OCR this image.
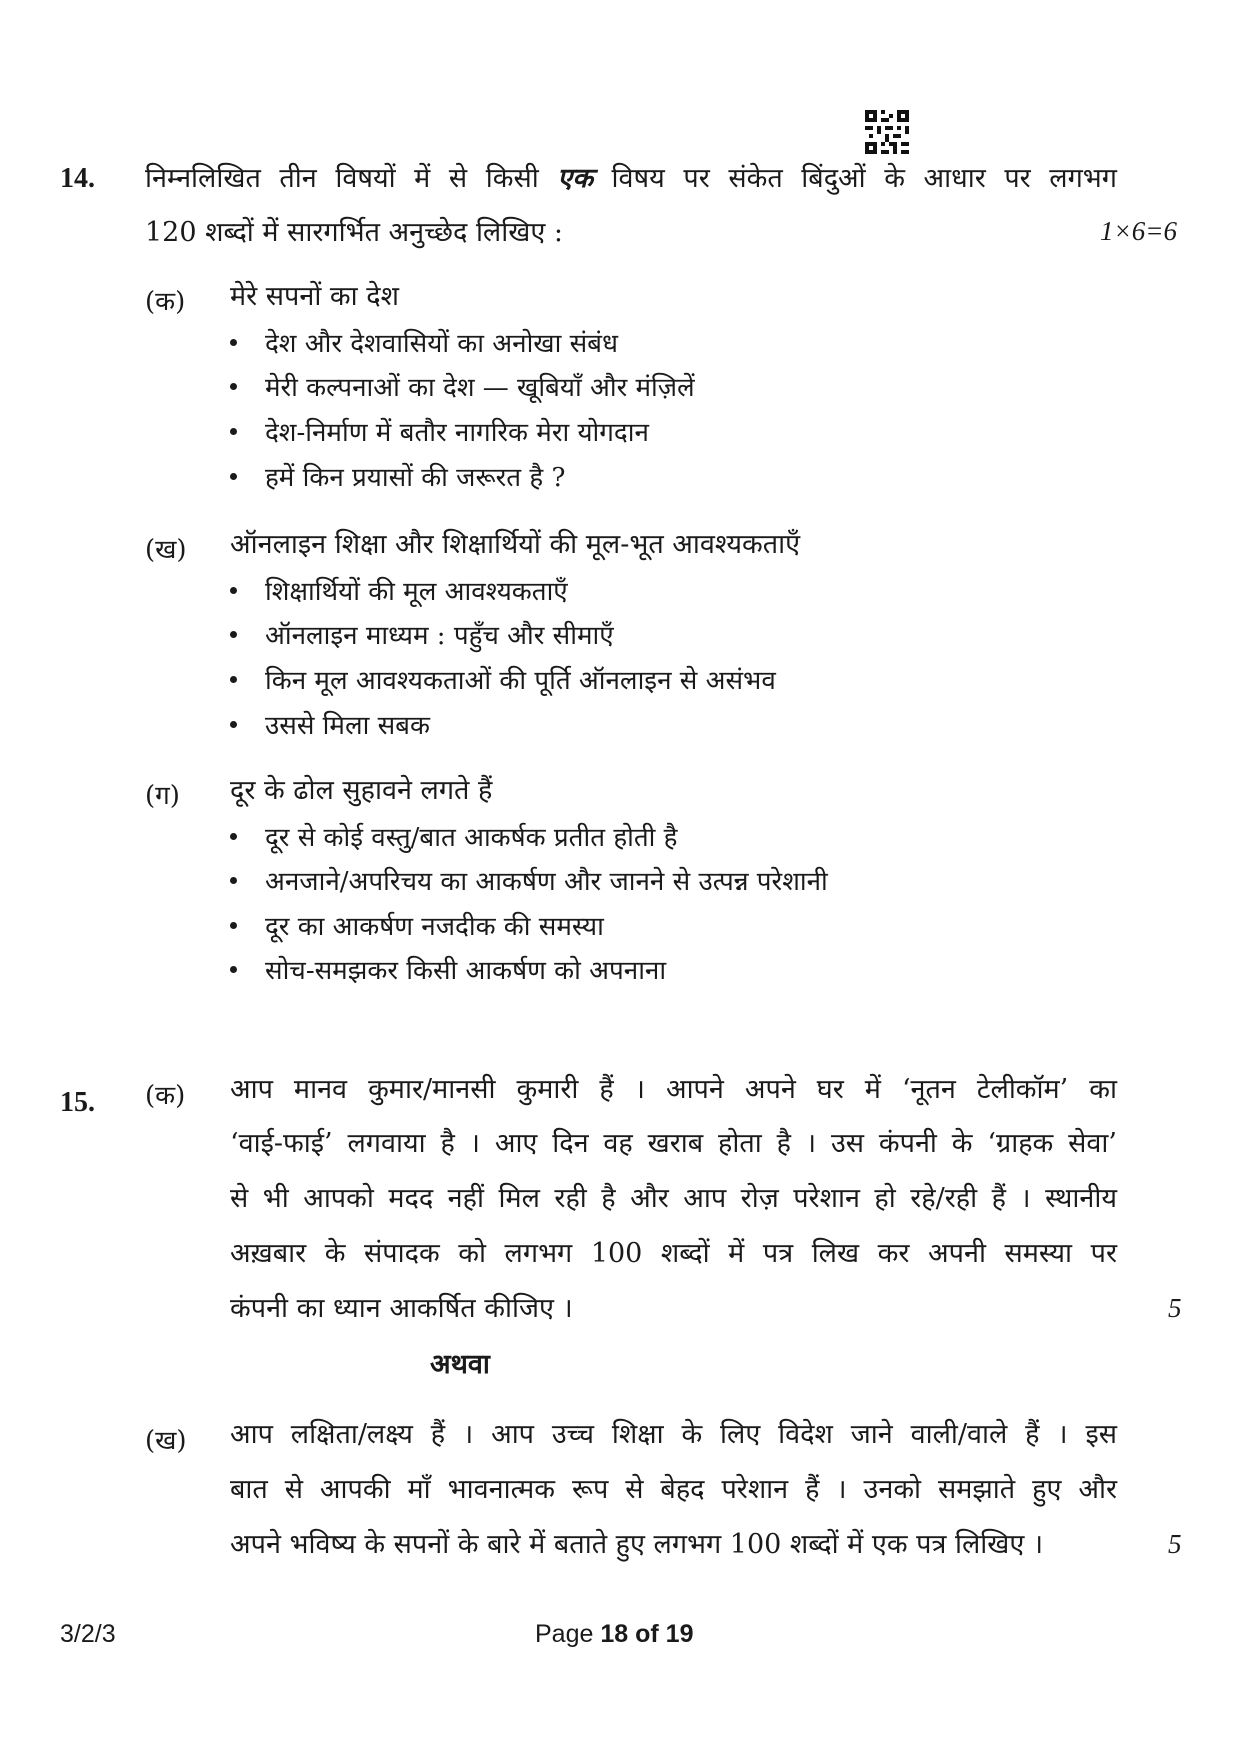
14. निम्नलिखित तीन विषयों में से किसी एक विषय पर संकेत बिंदुओं के आधार पर लगभग
120 शब्दों में सारगर्भित अनुच्छेद लिखिए :	1×6=6
(क) मेरे सपनों का देश
देश और देशवासियों का अनोखा संबंध
मेरी कल्पनाओं का देश — खूबियाँ और मंज़िलें
देश-निर्माण में बतौर नागरिक मेरा योगदान
हमें किन प्रयासों की जरूरत है ?
(ख) ऑनलाइन शिक्षा और शिक्षार्थियों की मूल-भूत आवश्यकताएँ
शिक्षार्थियों की मूल आवश्यकताएँ
ऑनलाइन माध्यम : पहुँच और सीमाएँ
किन मूल आवश्यकताओं की पूर्ति ऑनलाइन से असंभव
उससे मिला सबक
(ग) दूर के ढोल सुहावने लगते हैं
दूर से कोई वस्तु/बात आकर्षक प्रतीत होती है
अनजाने/अपरिचय का आकर्षण और जानने से उत्पन्न परेशानी
दूर का आकर्षण नजदीक की समस्या
सोच-समझकर किसी आकर्षण को अपनाना
15. (क) आप मानव कुमार/मानसी कुमारी हैं । आपने अपने घर में ‘नूतन टेलीकॉम’ का
‘वाई-फाई’ लगवाया है । आए दिन वह खराब होता है । उस कंपनी के ‘ग्राहक सेवा’
से भी आपको मदद नहीं मिल रही है और आप रोज़ परेशान हो रहे/रही हैं । स्थानीय
अख़बार के संपादक को लगभग 100 शब्दों में पत्र लिख कर अपनी समस्या पर
कंपनी का ध्यान आकर्षित कीजिए ।	5
अथवा
(ख) आप लक्षिता/लक्ष्य हैं । आप उच्च शिक्षा के लिए विदेश जाने वाली/वाले हैं । इस
बात से आपकी माँ भावनात्मक रूप से बेहद परेशान हैं । उनको समझाते हुए और
अपने भविष्य के सपनों के बारे में बताते हुए लगभग 100 शब्दों में एक पत्र लिखिए ।	5
3/2/3	Page 18 of 19
